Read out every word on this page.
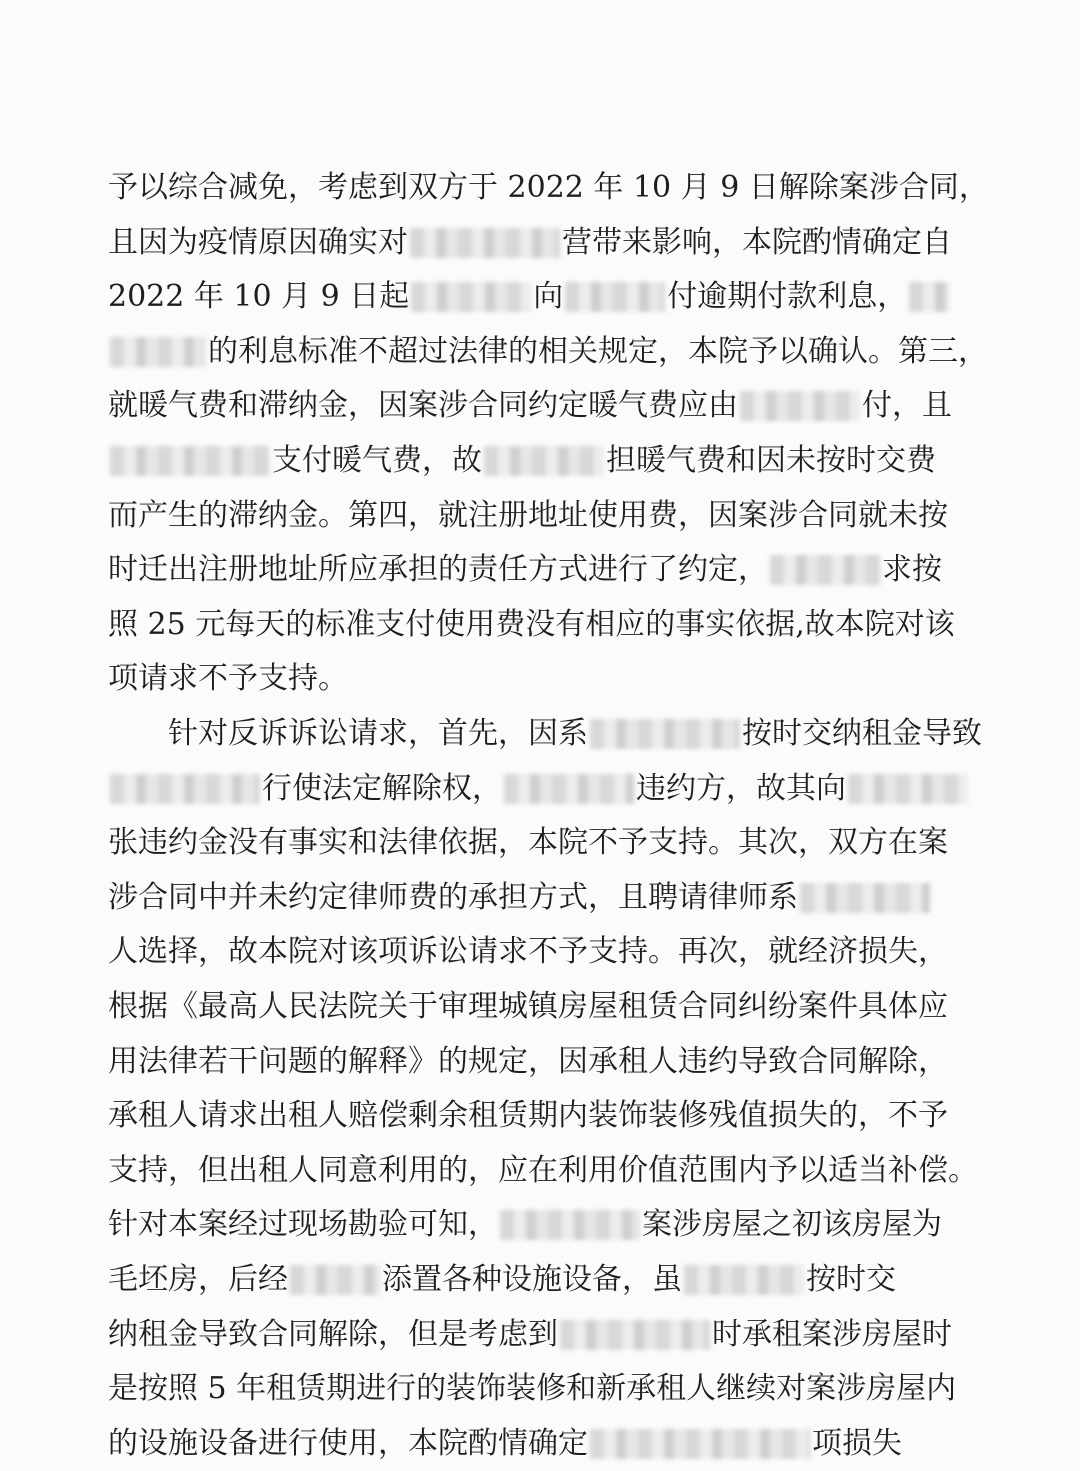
予以综合减免，考虑到双方于 2022 年 10 月 9 日解除案涉合同，
且因为疫情原因确实对	营带来影响，本院酌情确定自
2022 年 10 月 9 日起	向	付逾期付款利息，
的利息标准不超过法律的相关规定，本院予以确认。第三，
就暖气费和滞纳金，因案涉合同约定暖气费应由	付，且
支付暖气费，故	担暖气费和因未按时交费
而产生的滞纳金。第四，就注册地址使用费，因案涉合同就未按
时迁出注册地址所应承担的责任方式进行了约定，	求按
照 25 元每天的标准支付使用费没有相应的事实依据,故本院对该
项请求不予支持。
　　针对反诉诉讼请求，首先，因系	按时交纳租金导致
行使法定解除权，	违约方，故其向
张违约金没有事实和法律依据，本院不予支持。其次，双方在案
涉合同中并未约定律师费的承担方式，且聘请律师系
人选择，故本院对该项诉讼请求不予支持。再次，就经济损失，
根据《最高人民法院关于审理城镇房屋租赁合同纠纷案件具体应
用法律若干问题的解释》的规定，因承租人违约导致合同解除，
承租人请求出租人赔偿剩余租赁期内装饰装修残值损失的，不予
支持，但出租人同意利用的，应在利用价值范围内予以适当补偿。
针对本案经过现场勘验可知，	案涉房屋之初该房屋为
毛坯房，后经	添置各种设施设备，虽	按时交
纳租金导致合同解除，但是考虑到	时承租案涉房屋时
是按照 5 年租赁期进行的装饰装修和新承租人继续对案涉房屋内
的设施设备进行使用，本院酌情确定	项损失
